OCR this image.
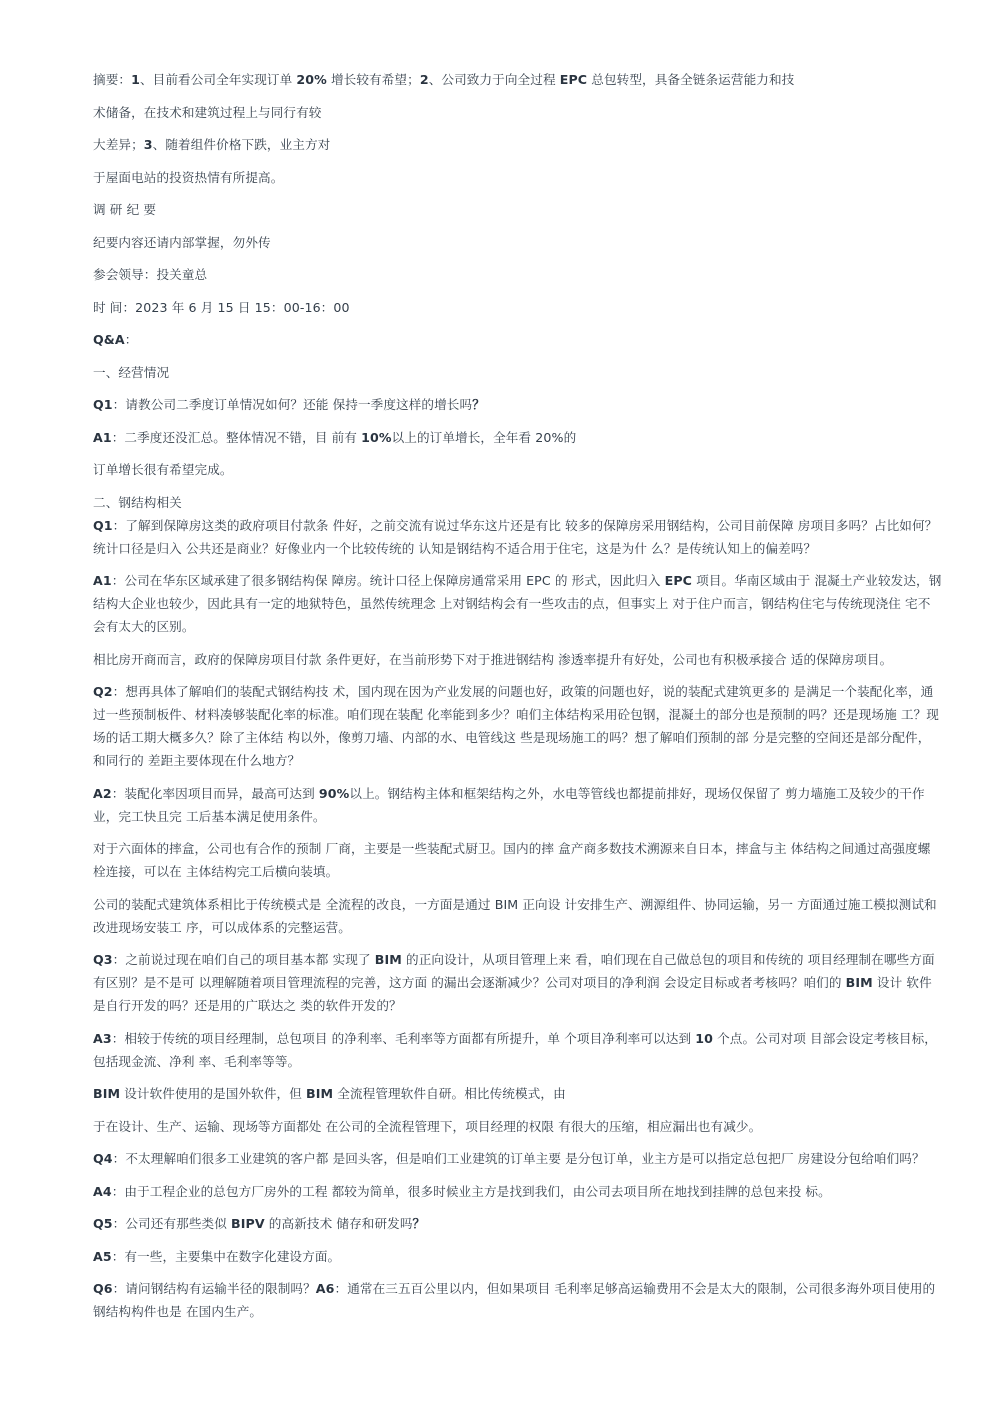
摘要：1、目前看公司全年实现订单 20% 增长较有希望；2、公司致力于向全过程 EPC 总包转型，具备全链条运营能力和技

术储备，在技术和建筑过程上与同行有较

大差异；3、随着组件价格下跌，业主方对

于屋面电站的投资热情有所提高。

调 研 纪 要

纪要内容还请内部掌握，勿外传

参会领导：投关童总

时 间：2023 年 6 月 15 日 15：00-16：00

Q&A：

一、经营情况

Q1：请教公司二季度订单情况如何？还能 保持一季度这样的增长吗？

A1：二季度还没汇总。整体情况不错，目 前有 10%以上的订单增长，全年看 20%的

订单增长很有希望完成。

二、钢结构相关

Q1：了解到保障房这类的政府项目付款条 件好，之前交流有说过华东这片还是有比 较多的保障房采用钢结构，公司目前保障 房项目多吗？占比如何？统计口径是归入 公共还是商业？好像业内一个比较传统的 认知是钢结构不适合用于住宅，这是为什 么？是传统认知上的偏差吗？

A1：公司在华东区域承建了很多钢结构保 障房。统计口径上保障房通常采用 EPC 的 形式，因此归入 EPC 项目。华南区域由于 混凝土产业较发达，钢结构大企业也较少，因此具有一定的地狱特色，虽然传统理念 上对钢结构会有一些攻击的点，但事实上 对于住户而言，钢结构住宅与传统现浇住 宅不会有太大的区别。

相比房开商而言，政府的保障房项目付款 条件更好，在当前形势下对于推进钢结构 渗透率提升有好处，公司也有积极承接合 适的保障房项目。

Q2：想再具体了解咱们的装配式钢结构技 术，国内现在因为产业发展的问题也好，政策的问题也好，说的装配式建筑更多的 是满足一个装配化率，通过一些预制板件、材料凑够装配化率的标准。咱们现在装配 化率能到多少？咱们主体结构采用砼包钢，混凝土的部分也是预制的吗？还是现场施 工？现场的话工期大概多久？除了主体结 构以外，像剪刀墙、内部的水、电管线这 些是现场施工的吗？想了解咱们预制的部 分是完整的空间还是部分配件，和同行的 差距主要体现在什么地方？

A2：装配化率因项目而异，最高可达到 90%以上。钢结构主体和框架结构之外，水电等管线也都提前排好，现场仅保留了 剪力墙施工及较少的干作业，完工快且完 工后基本满足使用条件。

对于六面体的摔盒，公司也有合作的预制 厂商，主要是一些装配式厨卫。国内的摔 盒产商多数技术溯源来自日本，摔盒与主 体结构之间通过高强度螺栓连接，可以在 主体结构完工后横向装填。

公司的装配式建筑体系相比于传统模式是 全流程的改良，一方面是通过 BIM 正向设 计安排生产、溯源组件、协同运输，另一 方面通过施工模拟测试和改进现场安装工 序，可以成体系的完整运营。

Q3：之前说过现在咱们自己的项目基本都 实现了 BIM 的正向设计，从项目管理上来 看，咱们现在自己做总包的项目和传统的 项目经理制在哪些方面有区别？是不是可 以理解随着项目管理流程的完善，这方面 的漏出会逐渐减少？公司对项目的净利润 会设定目标或者考核吗？咱们的 BIM 设计 软件是自行开发的吗？还是用的广联达之 类的软件开发的？

A3：相较于传统的项目经理制，总包项目 的净利率、毛利率等方面都有所提升，单 个项目净利率可以达到 10 个点。公司对项 目部会设定考核目标，包括现金流、净利 率、毛利率等等。

BIM 设计软件使用的是国外软件，但 BIM 全流程管理软件自研。相比传统模式，由

于在设计、生产、运输、现场等方面都处 在公司的全流程管理下，项目经理的权限 有很大的压缩，相应漏出也有减少。

Q4：不太理解咱们很多工业建筑的客户都 是回头客，但是咱们工业建筑的订单主要 是分包订单，业主方是可以指定总包把厂 房建设分包给咱们吗？

A4：由于工程企业的总包方厂房外的工程 都较为简单，很多时候业主方是找到我们，由公司去项目所在地找到挂牌的总包来投 标。

Q5：公司还有那些类似 BIPV 的高新技术 储存和研发吗？

A5：有一些，主要集中在数字化建设方面。

Q6：请问钢结构有运输半径的限制吗？A6：通常在三五百公里以内，但如果项目 毛利率足够高运输费用不会是太大的限制，公司很多海外项目使用的钢结构构件也是 在国内生产。
